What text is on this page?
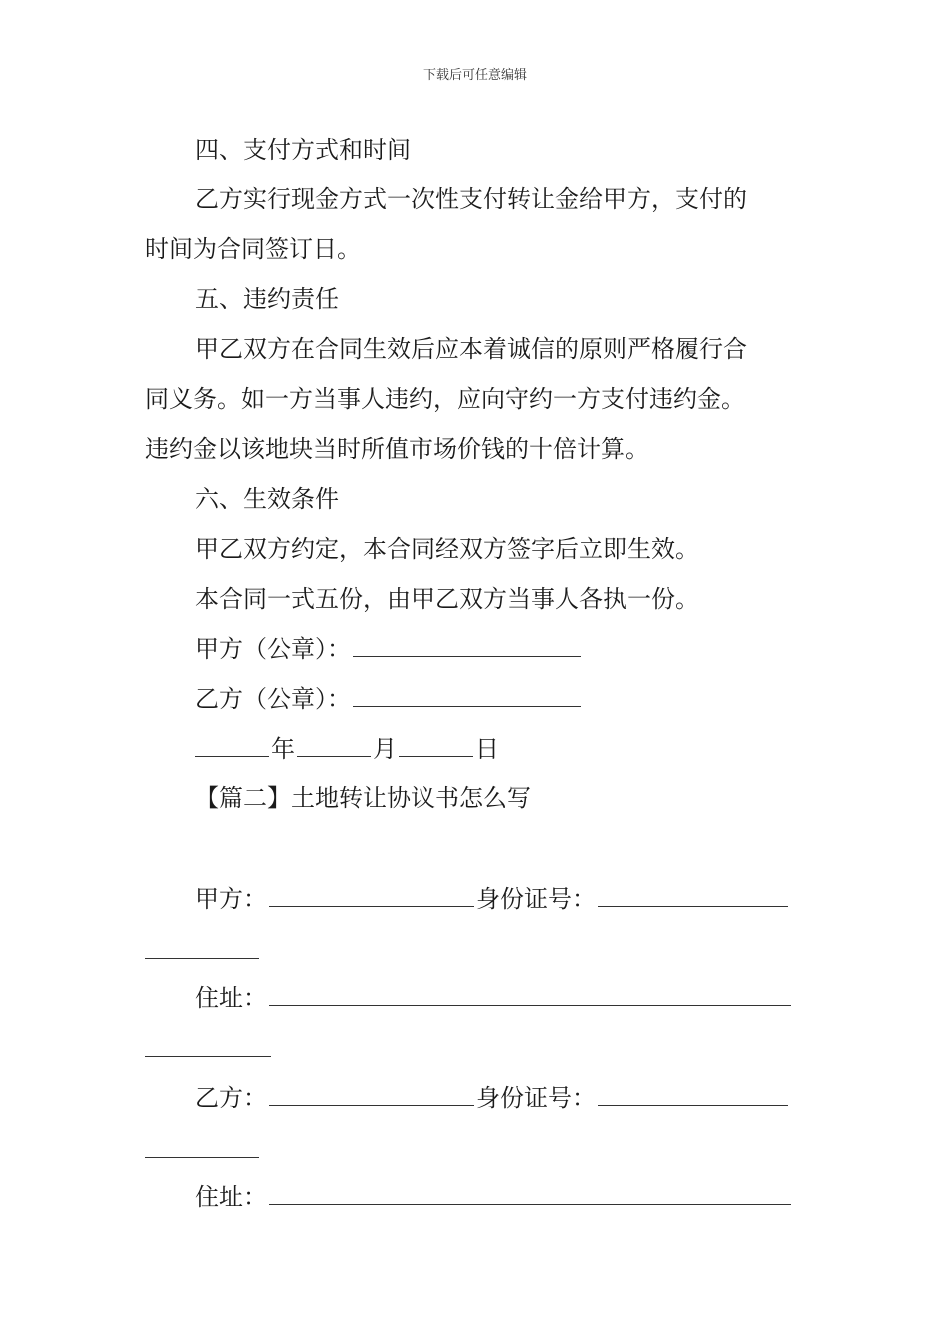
下载后可任意编辑
四、支付方式和时间
乙方实行现金方式一次性支付转让金给甲方，支付的
时间为合同签订日。
五、违约责任
甲乙双方在合同生效后应本着诚信的原则严格履行合
同义务。如一方当事人违约，应向守约一方支付违约金。
违约金以该地块当时所值市场价钱的十倍计算。
六、生效条件
甲乙双方约定，本合同经双方签字后立即生效。
本合同一式五份，由甲乙双方当事人各执一份。
甲方（公章）：
乙方（公章）：
年	月	日
【篇二】土地转让协议书怎么写
甲方：	身份证号：
住址：
乙方：	身份证号：
住址：
